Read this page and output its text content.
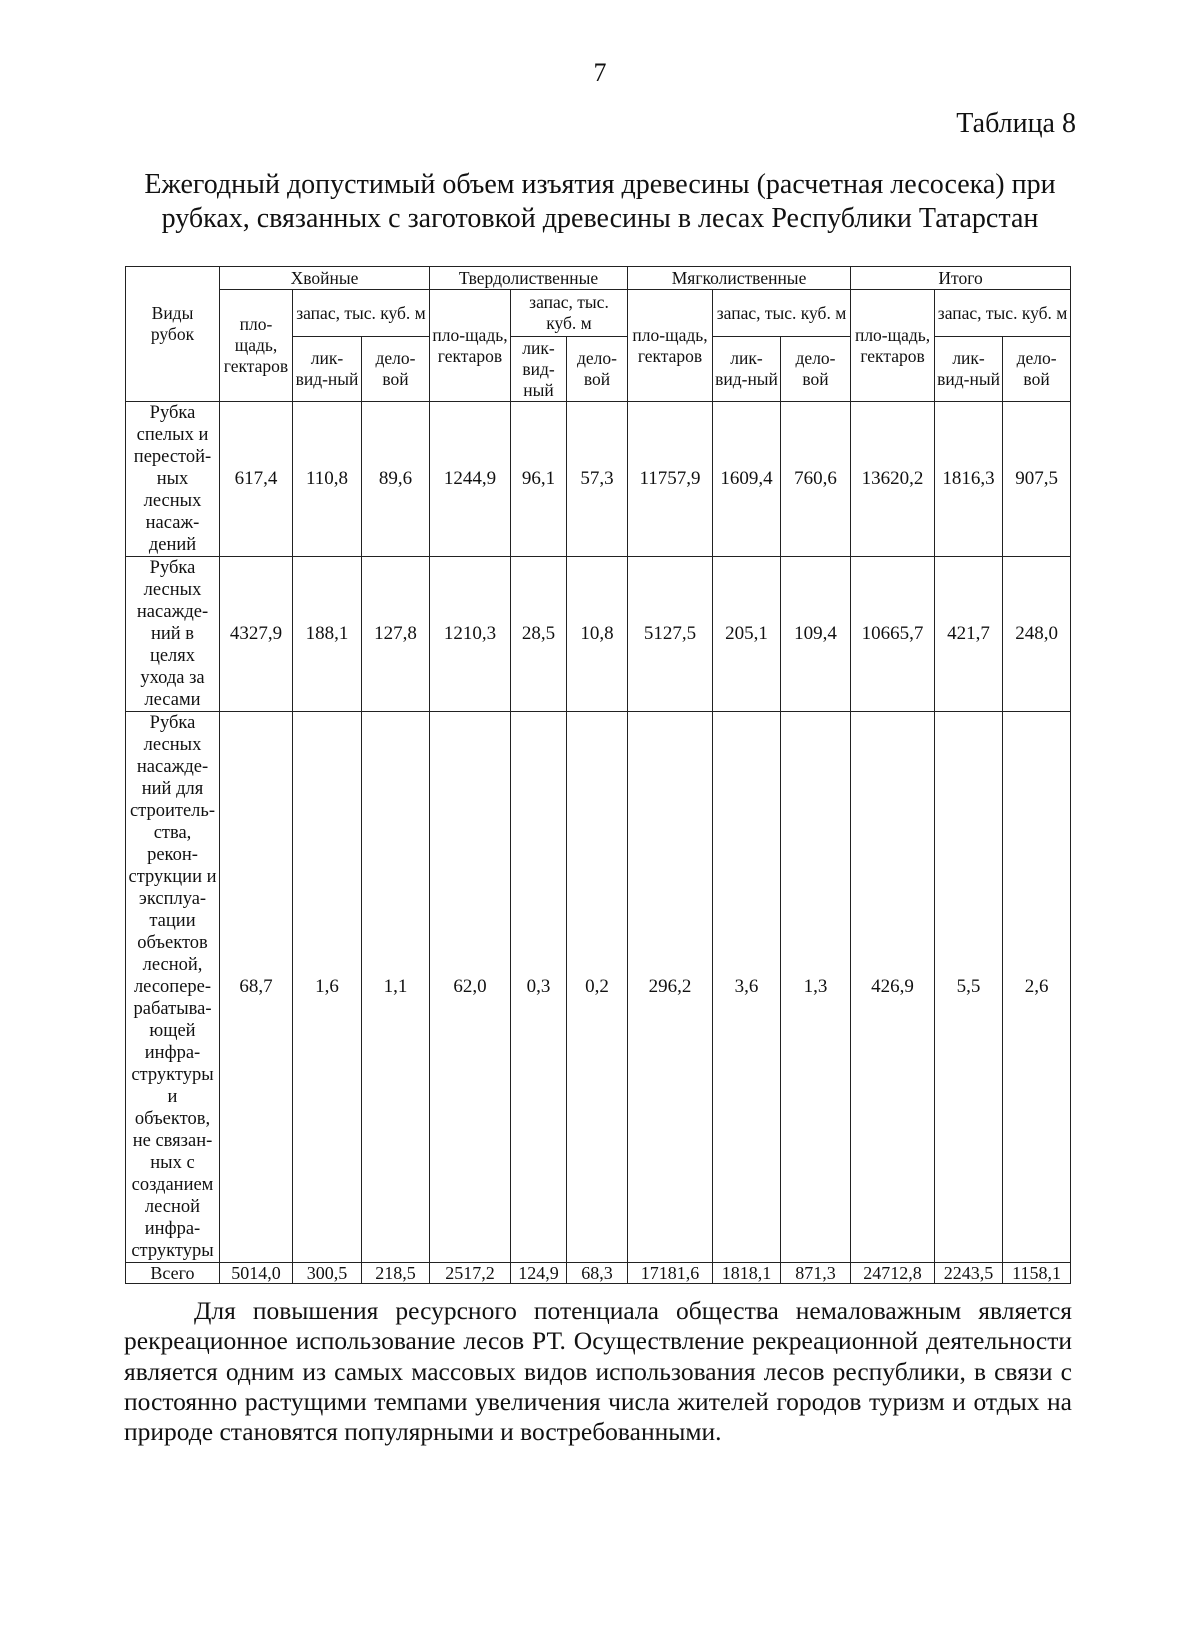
7
Таблица 8
Ежегодный допустимый объем изъятия древесины (расчетная лесосека) при рубках, связанных с заготовкой древесины в лесах Республики Татарстан
Виды рубок	Хвойные			Твердолиственные			Мягколиственные			Итого		
	пло-щадь, гектаров	запас, тыс. куб. м		пло-щадь, гектаров	запас, тыс. куб. м		пло-щадь, гектаров	запас, тыс. куб. м		пло-щадь, гектаров	запас, тыс. куб. м	
		лик-вид-ный	дело-вой		лик-вид-ный	дело-вой		лик-вид-ный	дело-вой		лик-вид-ный	дело-вой
Рубка спелых и перестой-ных лесных насаж-дений	617,4	110,8	89,6	1244,9	96,1	57,3	11757,9	1609,4	760,6	13620,2	1816,3	907,5
Рубка лесных насажде-ний в целях ухода за лесами	4327,9	188,1	127,8	1210,3	28,5	10,8	5127,5	205,1	109,4	10665,7	421,7	248,0
Рубка лесных насажде-ний для строитель-ства, рекон-струкции и эксплуа-тации объектов лесной, лесопере-рабатыва-ющей инфра-структуры и объектов, не связан-ных с созданием лесной инфра-структуры	68,7	1,6	1,1	62,0	0,3	0,2	296,2	3,6	1,3	426,9	5,5	2,6
Всего	5014,0	300,5	218,5	2517,2	124,9	68,3	17181,6	1818,1	871,3	24712,8	2243,5	1158,1
Для повышения ресурсного потенциала общества немаловажным является рекреационное использование лесов РТ. Осуществление рекреационной деятельности является одним из самых массовых видов использования лесов республики, в связи с постоянно растущими темпами увеличения числа жителей городов туризм и отдых на природе становятся популярными и востребованными.
